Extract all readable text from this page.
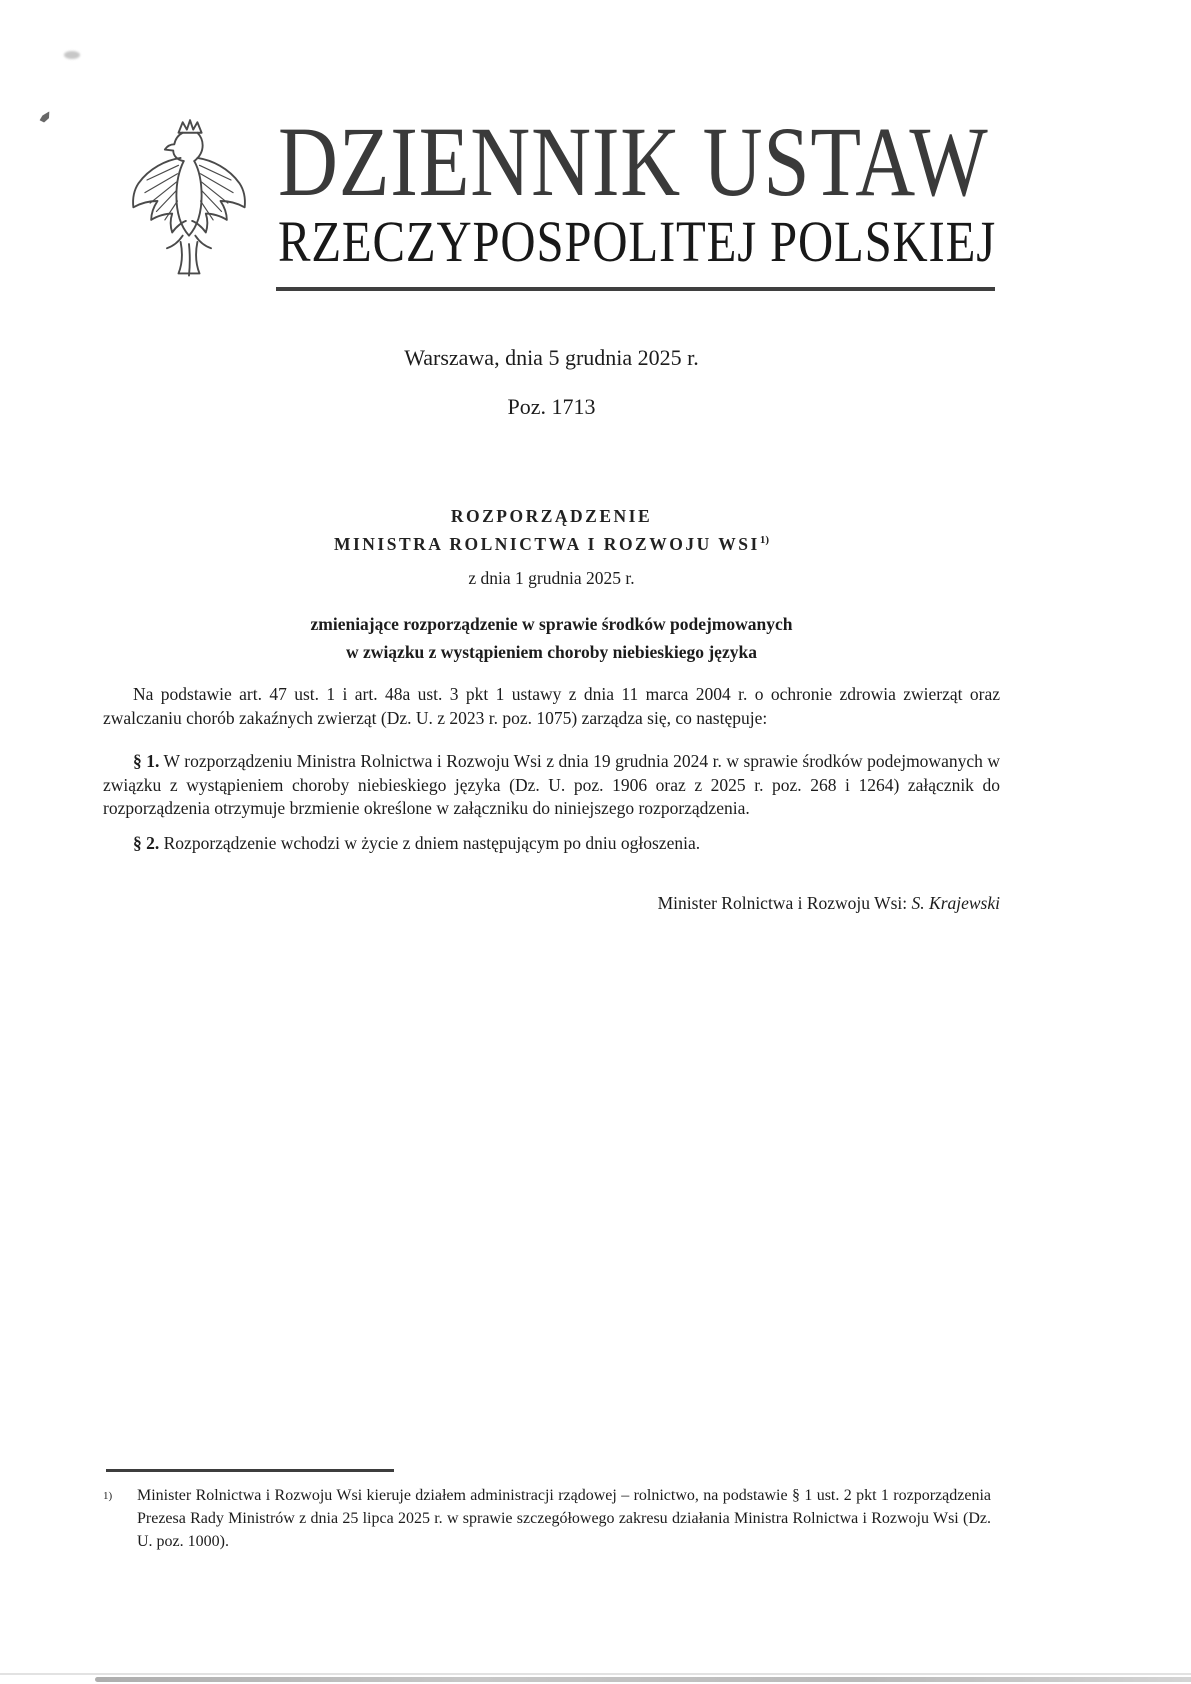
DZIENNIK USTAW
RZECZYPOSPOLITEJ POLSKIEJ
Warszawa, dnia 5 grudnia 2025 r.
Poz. 1713
ROZPORZĄDZENIE
MINISTRA ROLNICTWA I ROZWOJU WSI$^{1)}$
z dnia 1 grudnia 2025 r.
zmieniające rozporządzenie w sprawie środków podejmowanych
w związku z wystąpieniem choroby niebieskiego języka

Na podstawie art. 47 ust. 1 i art. 48a ust. 3 pkt 1 ustawy z dnia 11 marca 2004 r. o ochronie zdrowia zwierząt oraz zwalczaniu chorób zakaźnych zwierząt (Dz. U. z 2023 r. poz. 1075) zarządza się, co następuje:

§ 1. W rozporządzeniu Ministra Rolnictwa i Rozwoju Wsi z dnia 19 grudnia 2024 r. w sprawie środków podejmowanych w związku z wystąpieniem choroby niebieskiego języka (Dz. U. poz. 1906 oraz z 2025 r. poz. 268 i 1264) załącznik do rozporządzenia otrzymuje brzmienie określone w załączniku do niniejszego rozporządzenia.

§ 2. Rozporządzenie wchodzi w życie z dniem następującym po dniu ogłoszenia.

Minister Rolnictwa i Rozwoju Wsi: S. Krajewski
1)	Minister Rolnictwa i Rozwoju Wsi kieruje działem administracji rządowej – rolnictwo, na podstawie § 1 ust. 2 pkt 1 rozporządzenia Prezesa Rady Ministrów z dnia 25 lipca 2025 r. w sprawie szczegółowego zakresu działania Ministra Rolnictwa i Rozwoju Wsi (Dz. U. poz. 1000).
